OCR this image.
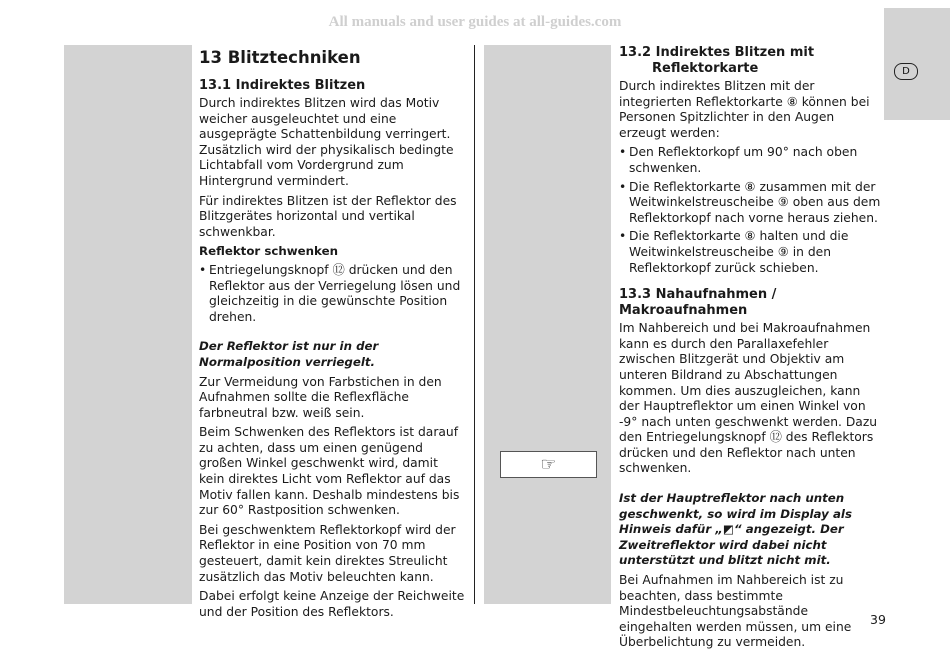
All manuals and user guides at all-guides.com
D
13 Blitztechniken
13.1 Indirektes Blitzen

Durch indirektes Blitzen wird das Motiv weicher ausgeleuchtet und eine ausgeprägte Schattenbildung verringert. Zusätzlich wird der physikalisch bedingte Lichtabfall vom Vordergrund zum Hintergrund vermindert.

Für indirektes Blitzen ist der Reflektor des Blitzgerätes horizontal und vertikal schwenkbar.

Reflektor schwenken
• Entriegelungsknopf ⑫ drücken und den Reflektor aus der Verriegelung lösen und gleichzeitig in die gewünschte Position drehen.
Der Reflektor ist nur in der Normalposition verriegelt.

Zur Vermeidung von Farbstichen in den Aufnahmen sollte die Reflexfläche farbneutral bzw. weiß sein.

Beim Schwenken des Reflektors ist darauf zu achten, dass um einen genügend großen Winkel geschwenkt wird, damit kein direktes Licht vom Reflektor auf das Motiv fallen kann. Deshalb mindestens bis zur 60° Rastposition schwenken.

Bei geschwenktem Reflektorkopf wird der Reflektor in eine Position von 70 mm gesteuert, damit kein direktes Streulicht zusätzlich das Motiv beleuchten kann.

Dabei erfolgt keine Anzeige der Reichweite und der Position des Reflektors.

13.2 Indirektes Blitzen mit
Reflektorkarte

Durch indirektes Blitzen mit der integrierten Reflektorkarte ⑧ können bei Personen Spitzlichter in den Augen erzeugt werden:

• Den Reflektorkopf um 90° nach oben schwenken.
• Die Reflektorkarte ⑧ zusammen mit der Weitwinkelstreuscheibe ⑨ oben aus dem Reflektorkopf nach vorne heraus ziehen.
• Die Reflektorkarte ⑧ halten und die Weitwinkelstreuscheibe ⑨ in den Reflektorkopf zurück schieben.
13.3 Nahaufnahmen / Makroaufnahmen

Im Nahbereich und bei Makroaufnahmen kann es durch den Parallaxefehler zwischen Blitzgerät und Objektiv am unteren Bildrand zu Abschattungen kommen. Um dies auszugleichen, kann der Hauptreflektor um einen Winkel von -9° nach unten geschwenkt werden. Dazu den Entriegelungsknopf ⑫ des Reflektors drücken und den Reflektor nach unten schwenken.

Ist der Hauptreflektor nach unten geschwenkt, so wird im Display als Hinweis dafür „◩“ angezeigt. Der Zweitreflektor wird dabei nicht unterstützt und blitzt nicht mit.

Bei Aufnahmen im Nahbereich ist zu beachten, dass bestimmte Mindestbeleuchtungsabstände eingehalten werden müssen, um eine Überbelichtung zu vermeiden.

☞
39
